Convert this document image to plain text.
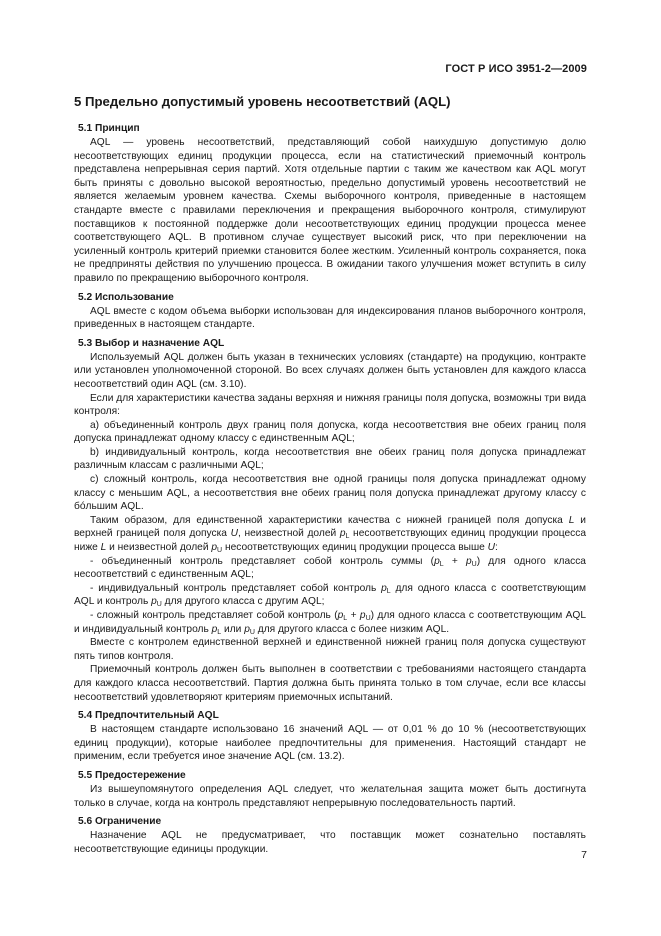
ГОСТ Р ИСО 3951-2—2009
5 Предельно допустимый уровень несоответствий (AQL)
5.1 Принцип

AQL — уровень несоответствий, представляющий собой наихудшую допустимую долю несоответствующих единиц продукции процесса, если на статистический приемочный контроль представлена непрерывная серия партий. Хотя отдельные партии с таким же качеством как AQL могут быть приняты с довольно высокой вероятностью, предельно допустимый уровень несоответствий не является желаемым уровнем качества. Схемы выборочного контроля, приведенные в настоящем стандарте вместе с правилами переключения и прекращения выборочного контроля, стимулируют поставщиков к постоянной поддержке доли несоответствующих единиц продукции процесса менее соответствующего AQL. В противном случае существует высокий риск, что при переключении на усиленный контроль критерий приемки становится более жестким. Усиленный контроль сохраняется, пока не предприняты действия по улучшению процесса. В ожидании такого улучшения может вступить в силу правило по прекращению выборочного контроля.

5.2 Использование

AQL вместе с кодом объема выборки использован для индексирования планов выборочного контроля, приведенных в настоящем стандарте.

5.3 Выбор и назначение AQL

Используемый AQL должен быть указан в технических условиях (стандарте) на продукцию, контракте или установлен уполномоченной стороной. Во всех случаях должен быть установлен для каждого класса несоответствий один AQL (см. 3.10).

Если для характеристики качества заданы верхняя и нижняя границы поля допуска, возможны три вида контроля:

а) объединенный контроль двух границ поля допуска, когда несоответствия вне обеих границ поля допуска принадлежат одному классу с единственным AQL;

b) индивидуальный контроль, когда несоответствия вне обеих границ поля допуска принадлежат различным классам с различными AQL;

с) сложный контроль, когда несоответствия вне одной границы поля допуска принадлежат одному классу с меньшим AQL, а несоответствия вне обеих границ поля допуска принадлежат другому классу с бóльшим AQL.

Таким образом, для единственной характеристики качества с нижней границей поля допуска L и верхней границей поля допуска U, неизвестной долей $p_L$ несоответствующих единиц продукции процесса ниже L и неизвестной долей $p_U$ несоответствующих единиц продукции процесса выше U:

- объединенный контроль представляет собой контроль суммы $(p_L + p_U)$ для одного класса несоответствий с единственным AQL;

- индивидуальный контроль представляет собой контроль $p_L$ для одного класса с соответствующим AQL и контроль $p_U$ для другого класса с другим AQL;

- сложный контроль представляет собой контроль $(p_L + p_U)$ для одного класса с соответствующим AQL и индивидуальный контроль $p_L$ или $p_U$ для другого класса с более низким AQL.

Вместе с контролем единственной верхней и единственной нижней границ поля допуска существуют пять типов контроля.

Приемочный контроль должен быть выполнен в соответствии с требованиями настоящего стандарта для каждого класса несоответствий. Партия должна быть принята только в том случае, если все классы несоответствий удовлетворяют критериям приемочных испытаний.

5.4 Предпочтительный AQL

В настоящем стандарте использовано 16 значений AQL — от 0,01 % до 10 % (несоответствующих единиц продукции), которые наиболее предпочтительны для применения. Настоящий стандарт не применим, если требуется иное значение AQL (см. 13.2).

5.5 Предостережение

Из вышеупомянутого определения AQL следует, что желательная защита может быть достигнута только в случае, когда на контроль представляют непрерывную последовательность партий.

5.6 Ограничение

Назначение AQL не предусматривает, что поставщик может сознательно поставлять несоответствующие единицы продукции.	7
